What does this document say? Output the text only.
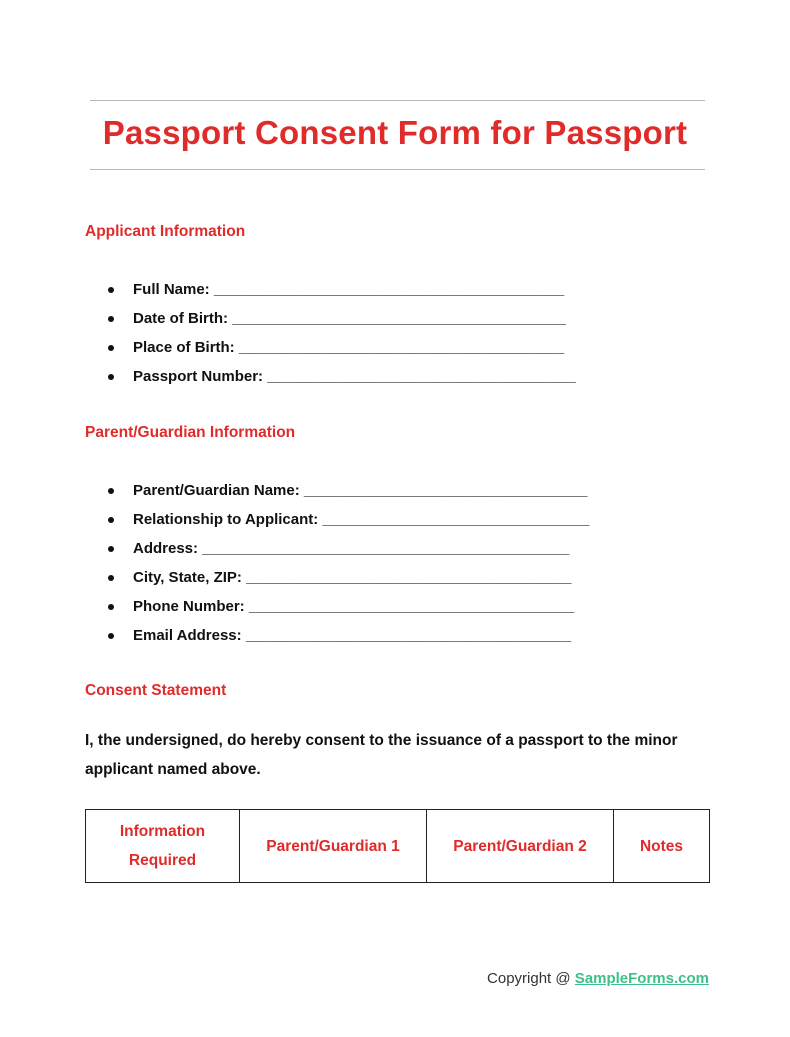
Passport Consent Form for Passport
Applicant Information
Full Name: __________________________________________
Date of Birth: ________________________________________
Place of Birth: _______________________________________
Passport Number: _____________________________________
Parent/Guardian Information
Parent/Guardian Name: __________________________________
Relationship to Applicant: ________________________________
Address: ____________________________________________
City, State, ZIP: _______________________________________
Phone Number: _______________________________________
Email Address: _______________________________________
Consent Statement

I, the undersigned, do hereby consent to the issuance of a passport to the minor applicant named above.

Information Required	Parent/Guardian 1	Parent/Guardian 2	Notes
Copyright @ SampleForms.com
